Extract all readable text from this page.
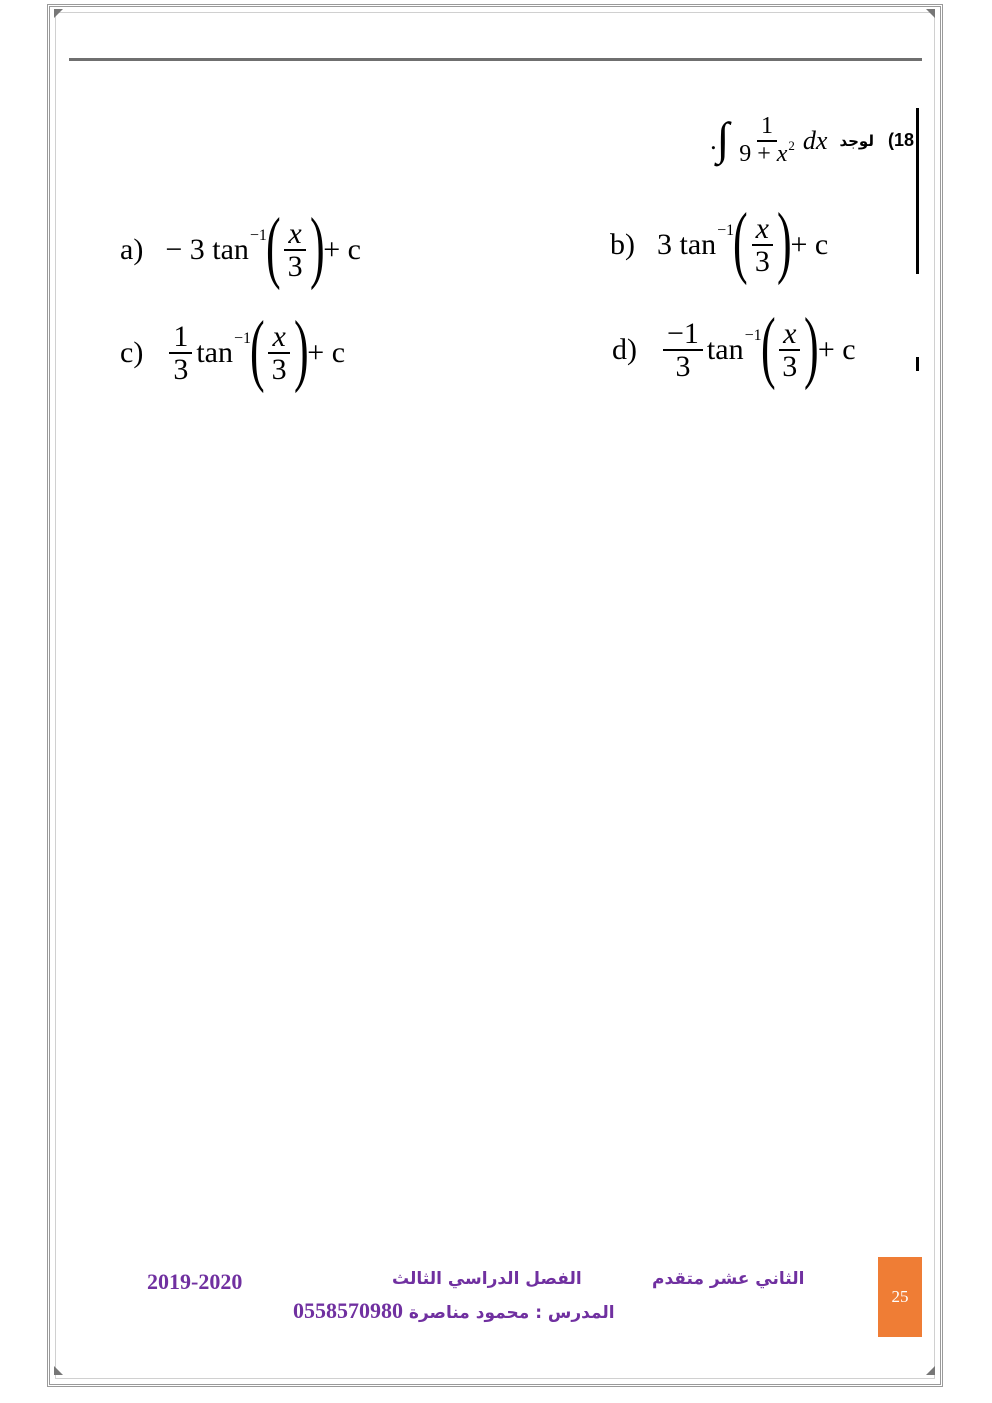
. ∫ $\frac{1}{9 + x^2}$ dx لوجد 18)
a) − 3 tan −1
( $\frac{x}{3}$ )
+ c	b) 3 tan −1
( $\frac{x}{3}$ )
+ c
$c) \frac{1}{3}$ tan −1
( $\frac{x}{3}$ )
+ c	$d) \frac{-1}{3}$ tan −1
( $\frac{x}{3}$ )
+ c
25
الثاني عشر متقدم
الفصل الدراسي الثالث
2019-2020
المدرس : محمود مناصرة 0558570980
